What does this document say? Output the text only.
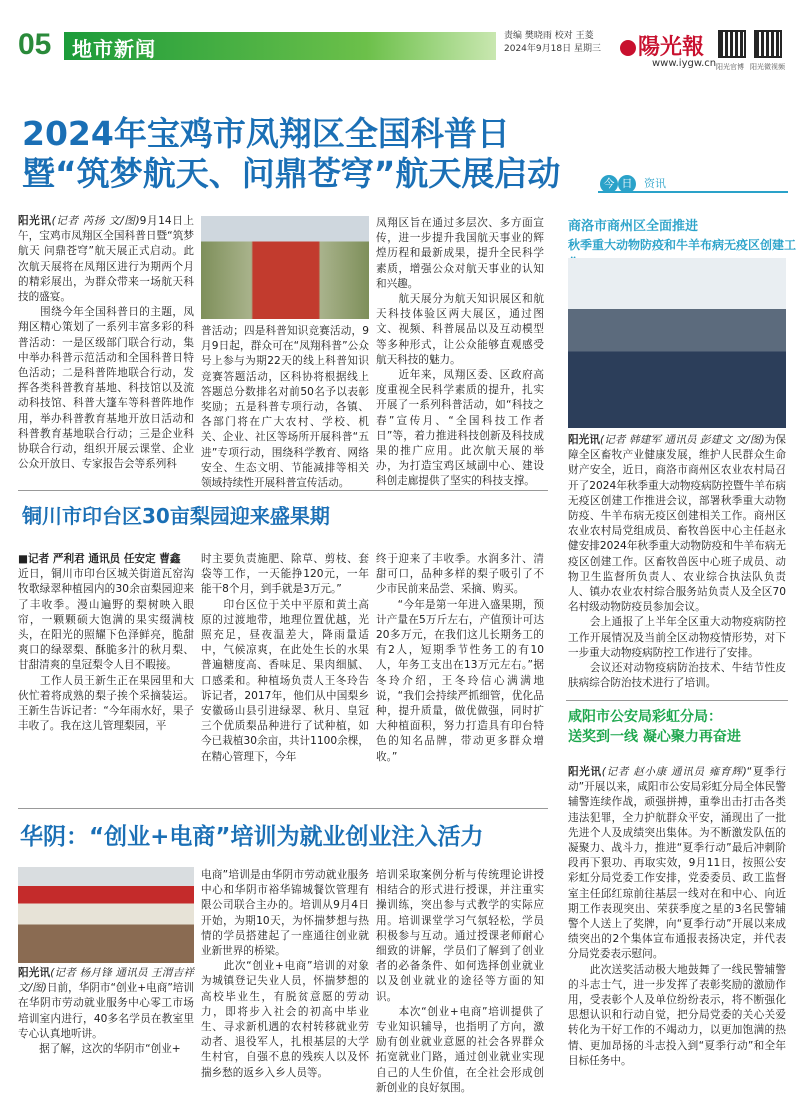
05 地市新闻
责编 樊晓雨 校对 王菱
2024年9月18日 星期三	陽光報
www.iygw.cn 阳光官博 阳光微视频
2024年宝鸡市凤翔区全国科普日
暨“筑梦航天、问鼎苍穹”航天展启动
阳光讯(记者 芮扬 文/图)9月14日上午，宝鸡市凤翔区全国科普日暨“筑梦航天 问鼎苍穹”航天展正式启动。此次航天展将在凤翔区进行为期两个月的精彩展出，为群众带来一场航天科技的盛宴。
　　围绕今年全国科普日的主题，凤翔区精心策划了一系列丰富多彩的科普活动：一是区级部门联合行动，集中举办科普示范活动和全国科普日特色活动；二是科普阵地联合行动，发挥各类科普教育基地、科技馆以及流动科技馆、科普大篷车等科普阵地作用，举办科普教育基地开放日活动和科普教育基地联合行动；三是企业科协联合行动，组织开展云课堂、企业公众开放日、专家报告会等系列科
普活动；四是科普知识竞赛活动，9月9日起，群众可在“凤翔科普”公众号上参与为期22天的线上科普知识竞赛答题活动，区科协将根据线上答题总分数排名对前50名予以表彰奖励；五是科普专项行动，各镇、各部门将在广大农村、学校、机关、企业、社区等场所开展科普“五进”专项行动，围绕科学教育、网络安全、生态文明、节能减排等相关领域持续性开展科普宣传活动。
凤翔区旨在通过多层次、多方面宣传，进一步提升我国航天事业的辉煌历程和最新成果，提升全民科学素质，增强公众对航天事业的认知和兴趣。
　　航天展分为航天知识展区和航天科技体验区两大展区，通过图文、视频、科普展品以及互动模型等多种形式，让公众能够直观感受航天科技的魅力。
　　近年来，凤翔区委、区政府高度重视全民科学素质的提升，扎实开展了一系列科普活动，如“科技之春”宣传月、“全国科技工作者日”等，着力推进科技创新及科技成果的推广应用。此次航天展的举办，为打造宝鸡区域副中心、建设科创走廊提供了坚实的科技支撑。
铜川市印台区30亩梨园迎来盛果期
■记者 严利君 通讯员 任安定 曹鑫
近日，铜川市印台区城关街道瓦窑沟牧歌绿翠种植园内的30余亩梨园迎来了丰收季。漫山遍野的梨树映入眼帘，一颗颗硕大饱满的果实缀满枝头，在阳光的照耀下色泽鲜亮，脆甜爽口的绿翠梨、酥脆多汁的秋月梨、甘甜清爽的皇冠梨令人目不暇接。
　　工作人员王新生正在果园里和大伙忙着将成熟的梨子挨个采摘装运。王新生告诉记者：“今年雨水好，果子丰收了。我在这儿管理梨园，平
时主要负责施肥、除草、剪枝、套袋等工作，一天能挣120元，一年能干8个月，到手就是3万元。”
　　印台区位于关中平原和黄土高原的过渡地带，地理位置优越，光照充足，昼夜温差大，降雨量适中，气候凉爽，在此处生长的水果普遍糖度高、香味足、果肉细腻、口感柔和。种植场负责人王冬玲告诉记者，2017年，他们从中国梨乡安徽砀山县引进绿翠、秋月、皇冠三个优质梨品种进行了试种植，如今已栽植30余亩，共计1100余棵，在精心管理下，今年
终于迎来了丰收季。水润多汁、清甜可口，品种多样的梨子吸引了不少市民前来品尝、采摘、购买。
　　“今年是第一年进入盛果期，预计产量在5万斤左右，产值预计可达20多万元，在我们这儿长期务工的有2人，短期季节性务工的有10人，年务工支出在13万元左右。”据冬玲介绍，王冬玲信心满满地说，“我们会持续严抓细管，优化品种，提升质量，做优做强，同时扩大种植面积，努力打造具有印台特色的知名品牌，带动更多群众增收。”
华阴：“创业+电商”培训为就业创业注入活力
阳光讯(记者 杨月锋 通讯员 王渭吉祥 文/图)日前，华阴市“创业+电商”培训在华阴市劳动就业服务中心零工市场培训室内进行，40多名学员在教室里专心认真地听讲。
　　据了解，这次的华阴市“创业+
电商”培训是由华阴市劳动就业服务中心和华阴市裕华锦城餐饮管理有限公司联合主办的。培训从9月4日开始，为期10天，为怀揣梦想与热情的学员搭建起了一座通往创业就业新世界的桥梁。
　　此次“创业+电商”培训的对象为城镇登记失业人员，怀揣梦想的高校毕业生，有脱贫意愿的劳动力，即将步入社会的初高中毕业生、寻求新机遇的农村转移就业劳动者、退役军人，扎根基层的大学生村官，自强不息的残疾人以及怀揣乡愁的返乡入乡人员等。
培训采取案例分析与传统理论讲授相结合的形式进行授课，并注重实操训练，突出参与式教学的实际应用。培训课堂学习气氛轻松，学员积极参与互动。通过授课老师耐心细致的讲解，学员们了解到了创业者的必备条件、如何选择创业就业以及创业就业的途径等方面的知识。
　　本次“创业+电商”培训提供了专业知识辅导，也指明了方向，激励有创业就业意愿的社会各界群众拓宽就业门路，通过创业就业实现自己的人生价值，在全社会形成创新创业的良好氛围。
今 日 资讯
商洛市商州区全面推进
秋季重大动物防疫和牛羊布病无疫区创建工
阳光讯(记者 韩建军 通讯员 彭建文 文/图)为保障全区畜牧产业健康发展，维护人民群众生命财产安全，近日，商洛市商州区农业农村局召开了2024年秋季重大动物疫病防控暨牛羊布病无疫区创建工作推进会议，部署秋季重大动物防疫、牛羊布病无疫区创建相关工作。商州区农业农村局党组成员、畜牧兽医中心主任赵永健安排2024年秋季重大动物防疫和牛羊布病无疫区创建工作。区畜牧兽医中心班子成员、动物卫生监督所负责人、农业综合执法队负责人、镇办农业农村综合服务站负责人及全区70名村级动物防疫员参加会议。
　　会上通报了上半年全区重大动物疫病防控工作开展情况及当前全区动物疫情形势，对下一步重大动物疫病防控工作进行了安排。
　　会议还对动物疫病防治技术、牛结节性皮肤病综合防治技术进行了培训。
咸阳市公安局彩虹分局：
送奖到一线 凝心聚力再奋进
阳光讯(记者 赵小康 通讯员 雍育辉)“夏季行动”开展以来，咸阳市公安局彩虹分局全体民警辅警连续作战，顽强拼搏，重拳出击打击各类违法犯罪，全力护航群众平安，涌现出了一批先进个人及成绩突出集体。为不断激发队伍的凝聚力、战斗力，推进“夏季行动”最后冲刺阶段再下狠功、再取实效，9月11日，按照公安彩虹分局党委工作安排，党委委员、政工监督室主任邱红琼前往基层一线对在和中心、向近期工作表现突出、荣获季度之星的3名民警辅警个人送上了奖牌，向“夏季行动”开展以来成绩突出的2个集体宣布通报表扬决定，并代表分局党委表示慰问。
　　此次送奖活动极大地鼓舞了一线民警辅警的斗志士气，进一步发挥了表彰奖励的激励作用，受表彰个人及单位纷纷表示，将不断强化思想认识和行动自觉，把分局党委的关心关爱转化为干好工作的不竭动力，以更加饱满的热情、更加昂扬的斗志投入到“夏季行动”和全年目标任务中。
